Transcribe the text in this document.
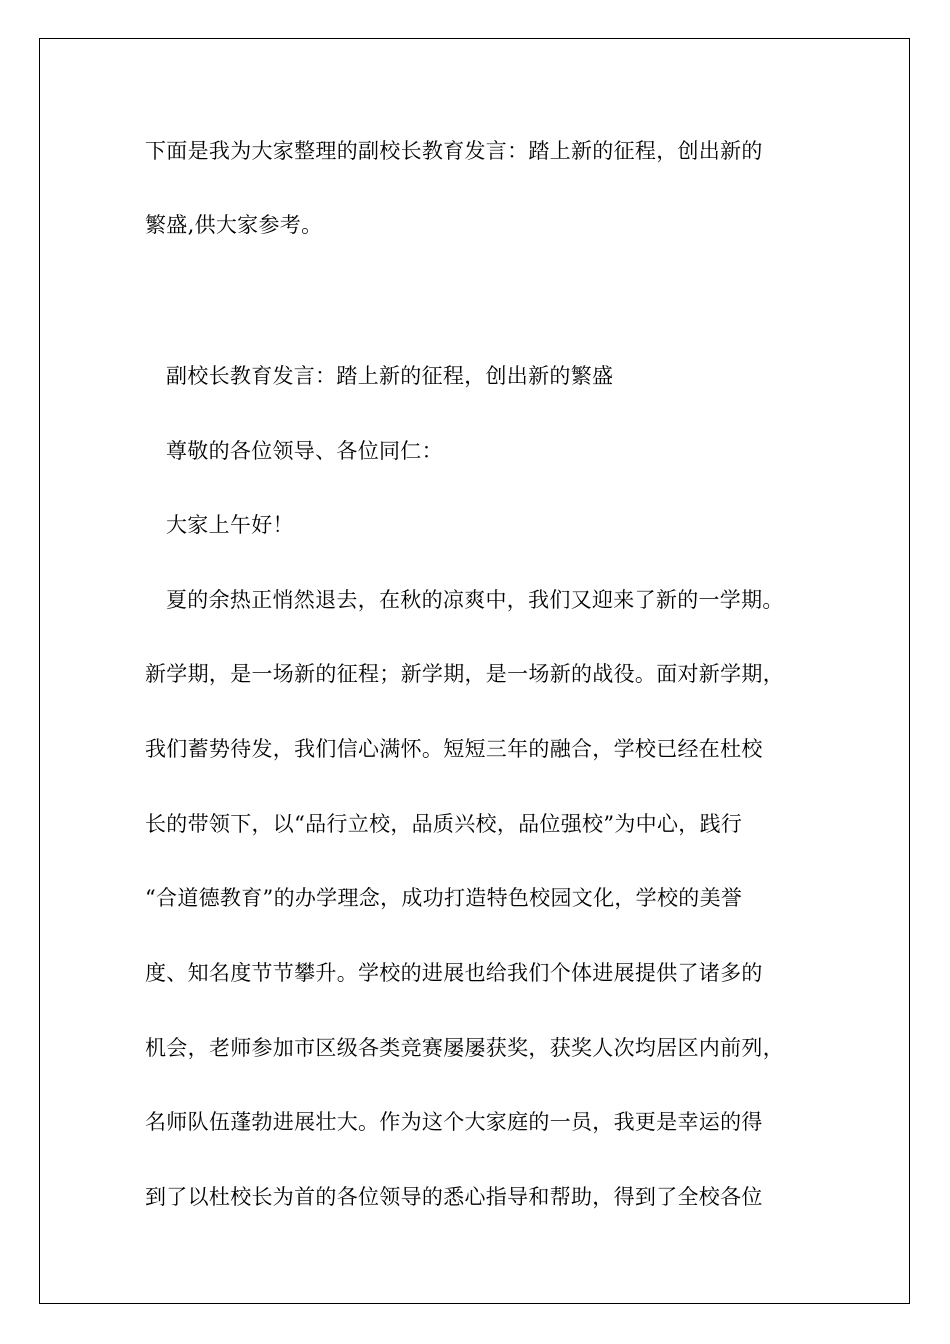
下面是我为大家整理的副校长教育发言：踏上新的征程，创出新的
繁盛,供大家参考。
副校长教育发言：踏上新的征程，创出新的繁盛
尊敬的各位领导、各位同仁：
大家上午好！
夏的余热正悄然退去，在秋的凉爽中，我们又迎来了新的一学期。
新学期，是一场新的征程；新学期，是一场新的战役。面对新学期，
我们蓄势待发，我们信心满怀。短短三年的融合，学校已经在杜校
长的带领下，以“品行立校，品质兴校，品位强校”为中心，践行
“合道德教育”的办学理念，成功打造特色校园文化，学校的美誉
度、知名度节节攀升。学校的进展也给我们个体进展提供了诸多的
机会，老师参加市区级各类竞赛屡屡获奖，获奖人次均居区内前列，
名师队伍蓬勃进展壮大。作为这个大家庭的一员，我更是幸运的得
到了以杜校长为首的各位领导的悉心指导和帮助，得到了全校各位
